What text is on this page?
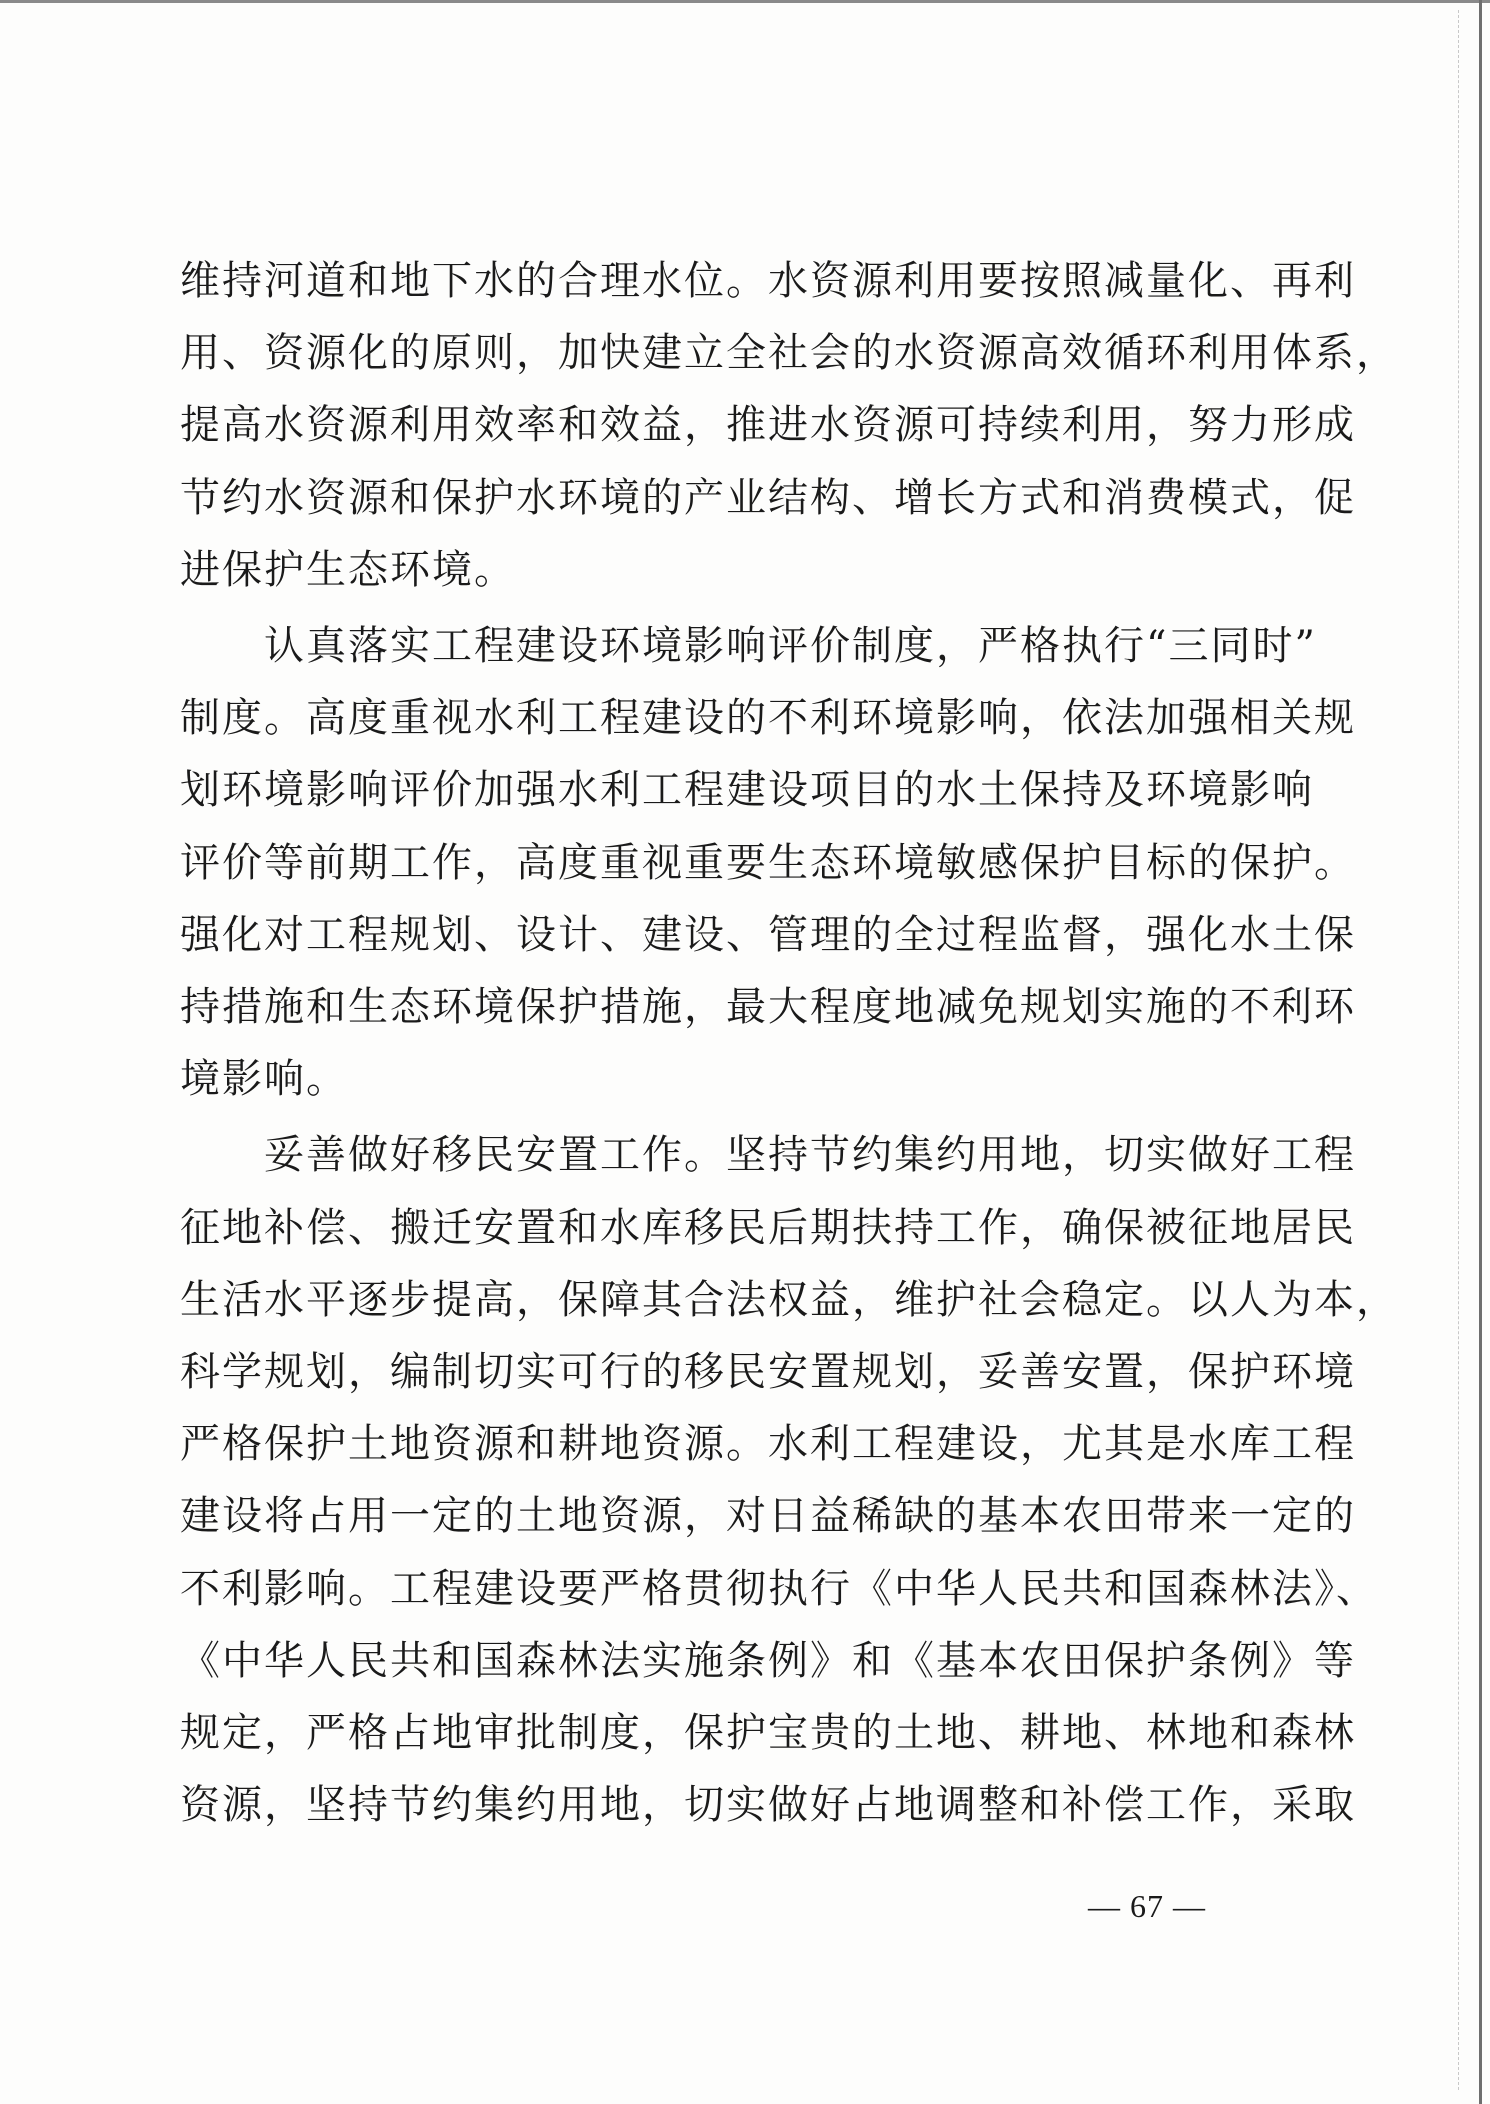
维持河道和地下水的合理水位。水资源利用要按照减量化、再利
用、资源化的原则，加快建立全社会的水资源高效循环利用体系，
提高水资源利用效率和效益，推进水资源可持续利用，努力形成
节约水资源和保护水环境的产业结构、增长方式和消费模式，促
进保护生态环境。

　　认真落实工程建设环境影响评价制度，严格执行“三同时”
制度。高度重视水利工程建设的不利环境影响，依法加强相关规
划环境影响评价加强水利工程建设项目的水土保持及环境影响
评价等前期工作，高度重视重要生态环境敏感保护目标的保护。
强化对工程规划、设计、建设、管理的全过程监督，强化水土保
持措施和生态环境保护措施，最大程度地减免规划实施的不利环
境影响。

　　妥善做好移民安置工作。坚持节约集约用地，切实做好工程
征地补偿、搬迁安置和水库移民后期扶持工作，确保被征地居民
生活水平逐步提高，保障其合法权益，维护社会稳定。以人为本，
科学规划，编制切实可行的移民安置规划，妥善安置，保护环境
严格保护土地资源和耕地资源。水利工程建设，尤其是水库工程
建设将占用一定的土地资源，对日益稀缺的基本农田带来一定的
不利影响。工程建设要严格贯彻执行《中华人民共和国森林法》、
《中华人民共和国森林法实施条例》和《基本农田保护条例》等
规定，严格占地审批制度，保护宝贵的土地、耕地、林地和森林
资源，坚持节约集约用地，切实做好占地调整和补偿工作，采取

— 67 —
